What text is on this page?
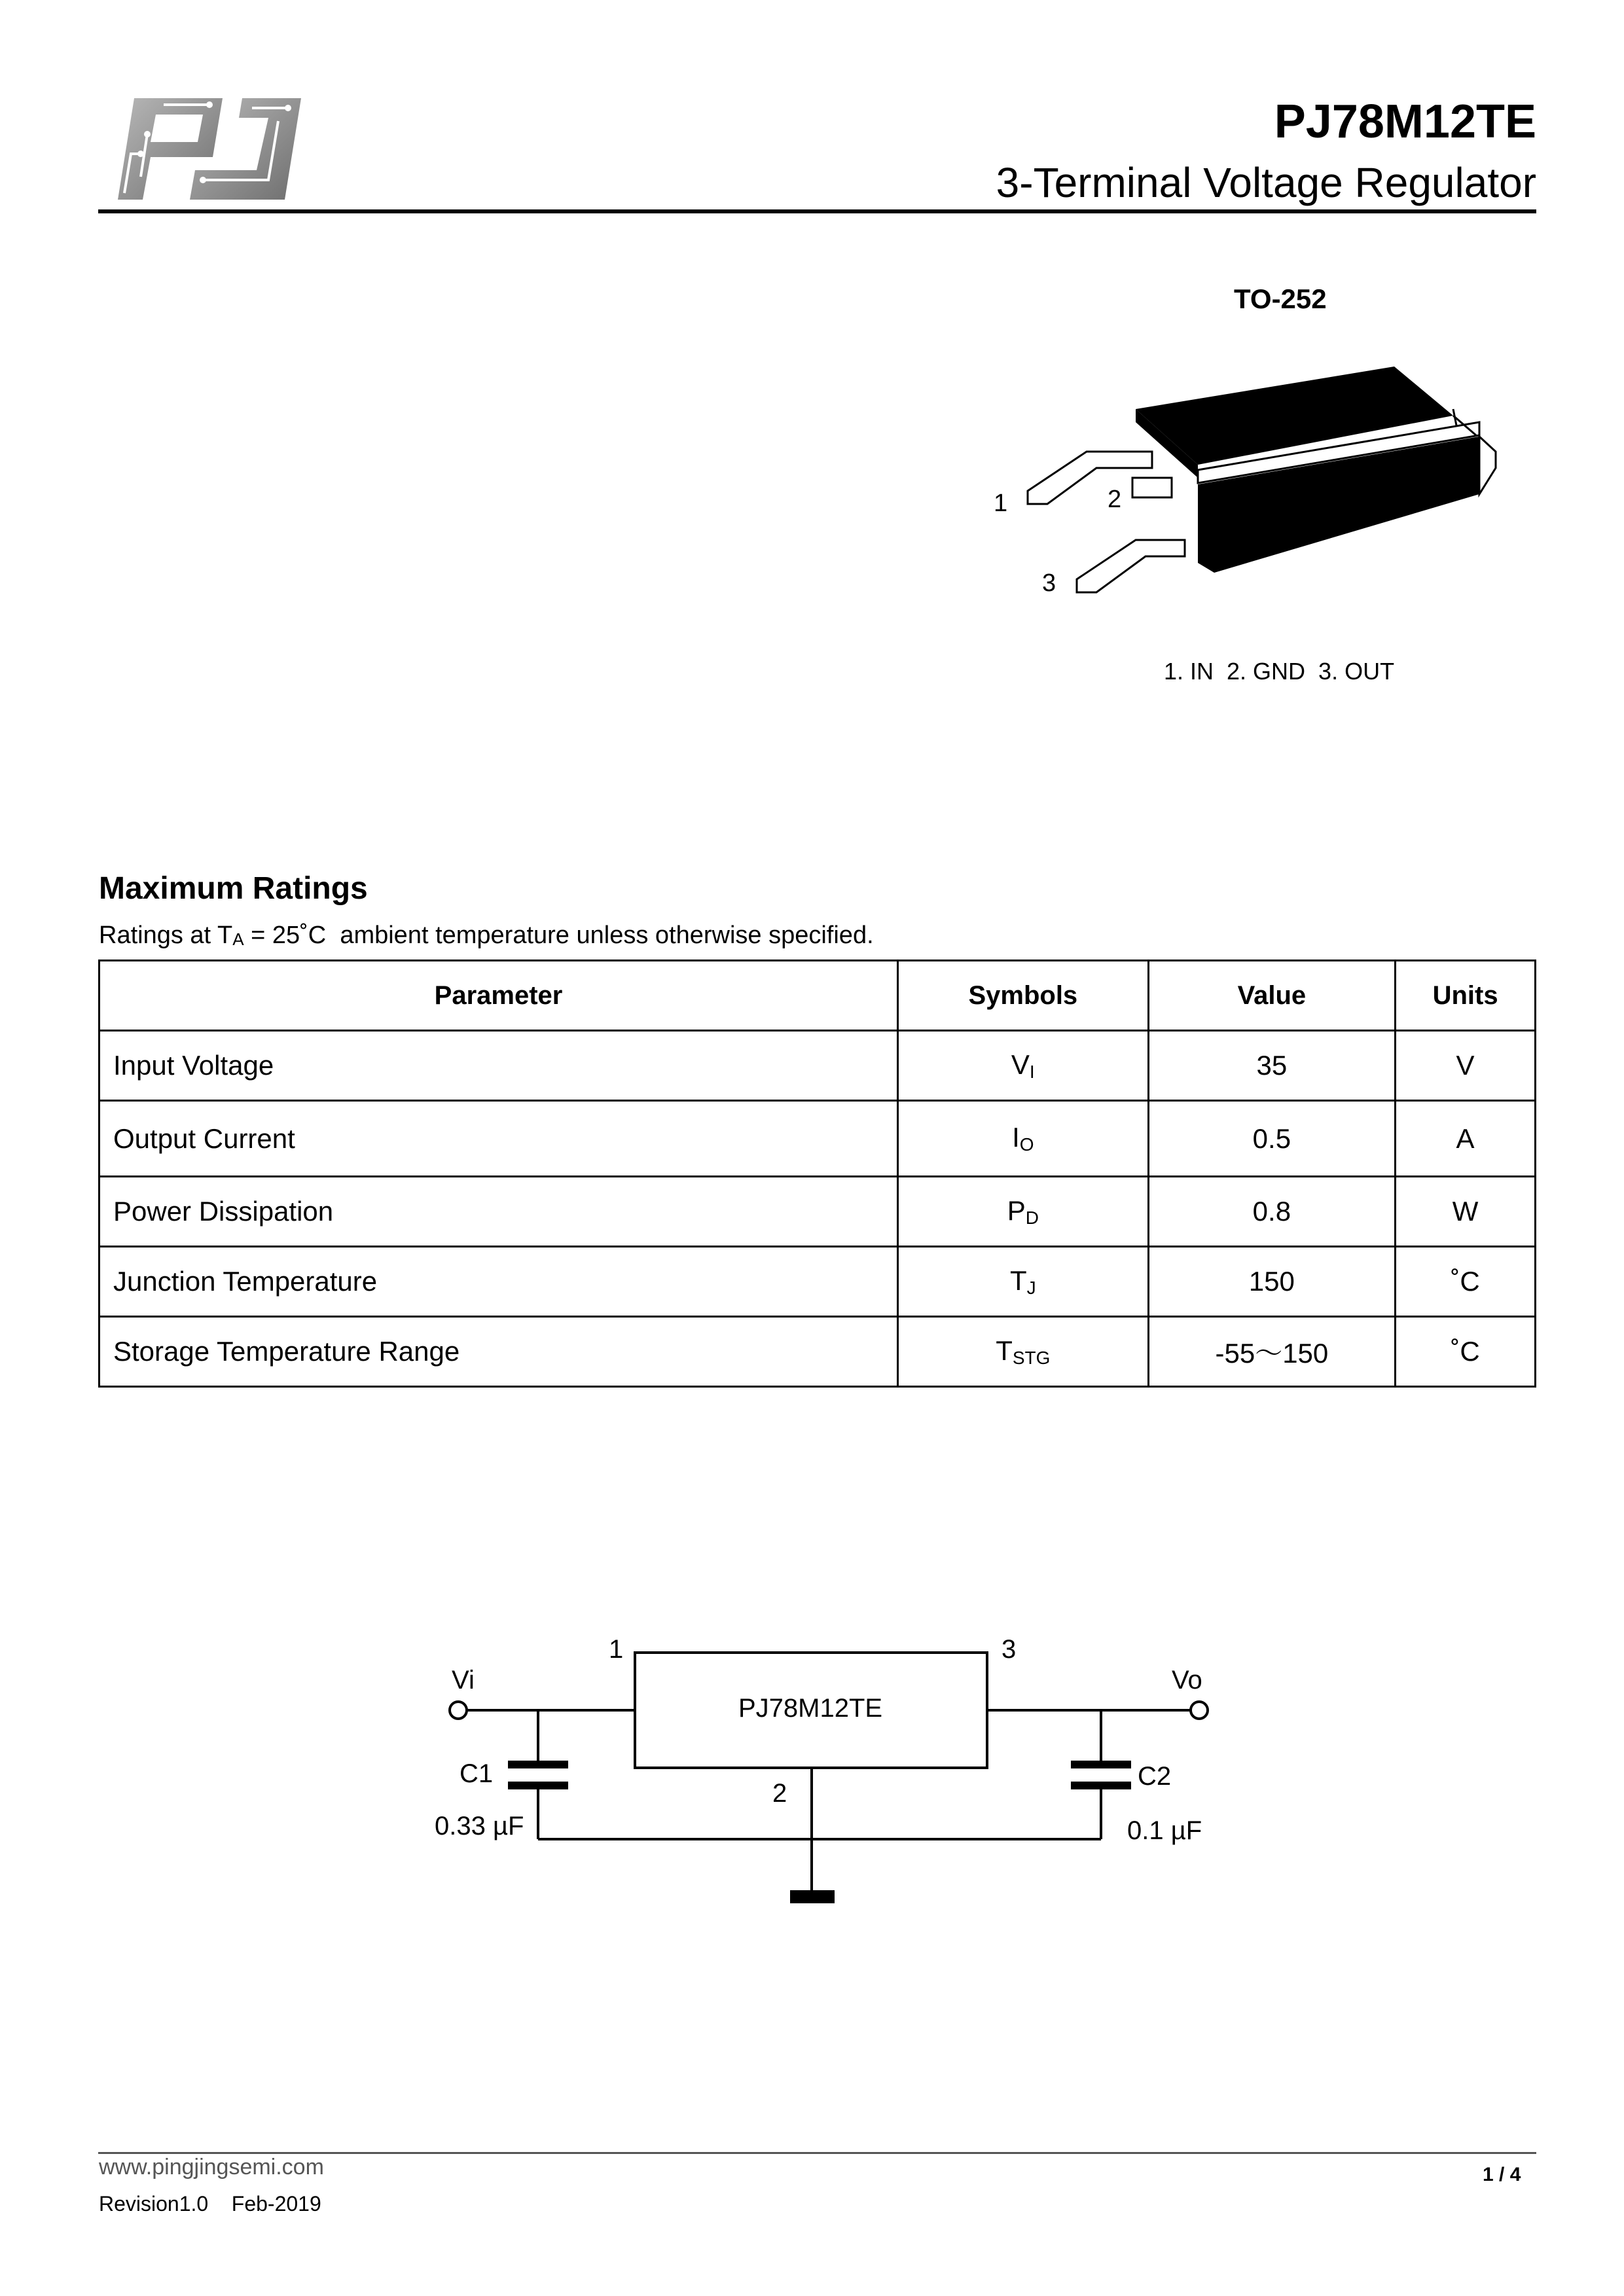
PJ78M12TE
3-Terminal Voltage Regulator
TO-252
1	2
3
1. IN  2. GND  3. OUT
Maximum Ratings
Ratings at $T_A$ = 25˚C  ambient temperature unless otherwise specified.
Parameter	Symbols	Value	Units
Input Voltage	VI	35	V
Output Current	IO	0.5	A
Power Dissipation	PD	0.8	W
Junction Temperature	TJ	150	˚C
Storage Temperature Range	TSTG	-55～150	˚C
PJ78M12TE
1	3
2
Vi	Vo
C1
0.33 µF
C2
0.1 µF
www.pingjingsemi.com
Revision1.0    Feb-2019
1 / 4
